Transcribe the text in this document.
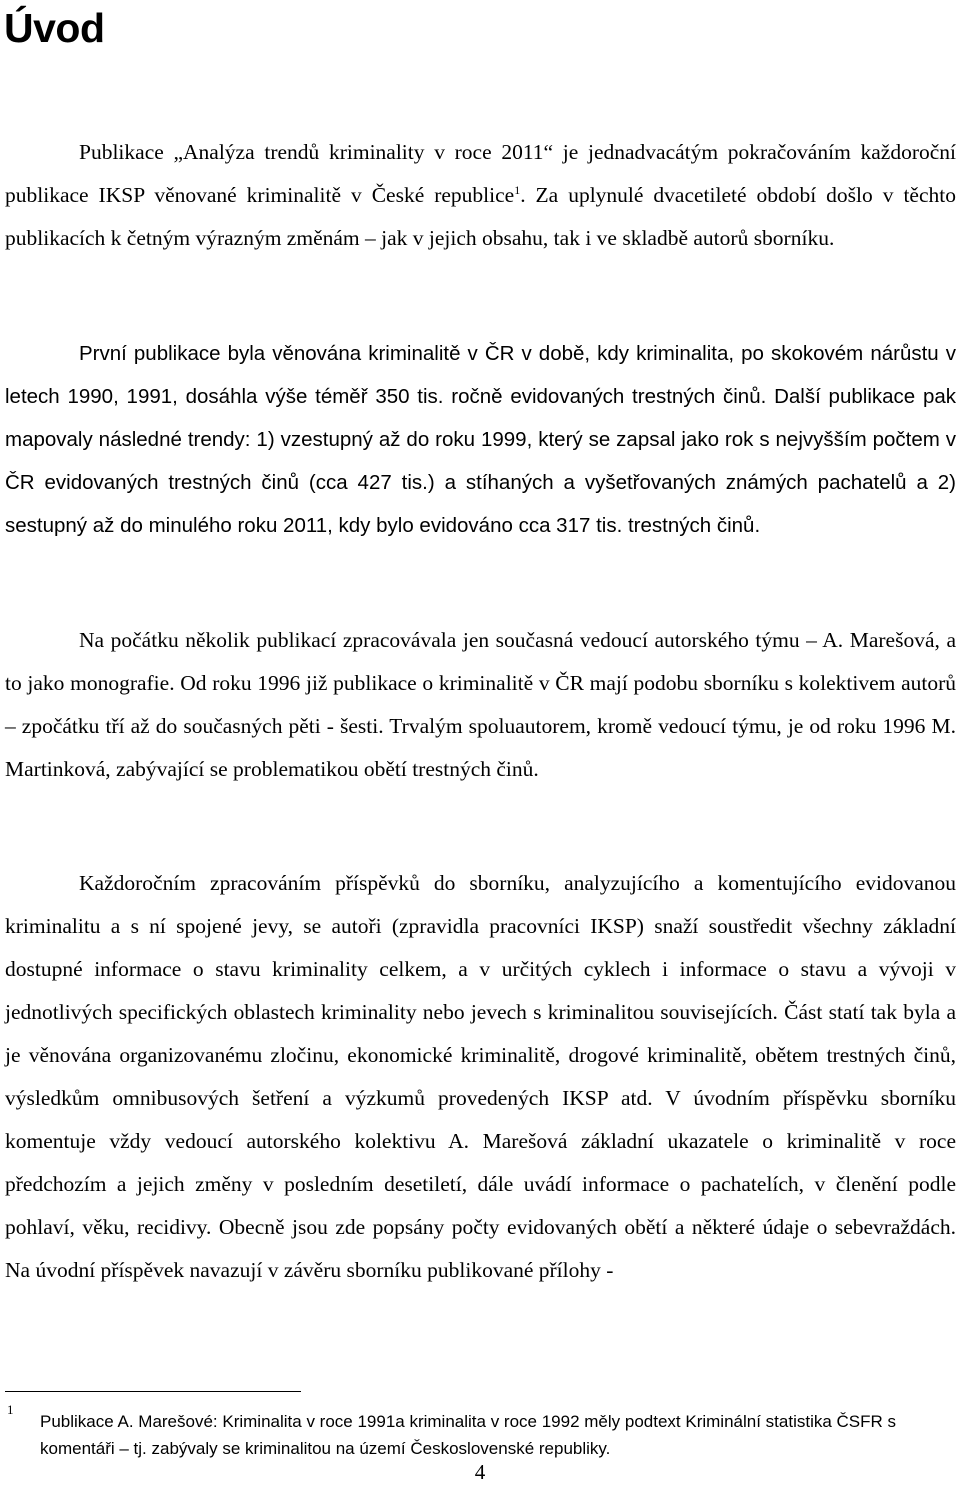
Úvod

Publikace „Analýza trendů kriminality v roce 2011“ je jednadvacátým pokračováním každoroční publikace IKSP věnované kriminalitě v České republice$^1$. Za uplynulé dvacetileté období došlo v těchto publikacích k četným výrazným změnám – jak v jejich obsahu, tak i ve skladbě autorů sborníku.

První publikace byla věnována kriminalitě v ČR v době, kdy kriminalita, po skokovém nárůstu v letech 1990, 1991, dosáhla výše téměř 350 tis. ročně evidovaných trestných činů. Další publikace pak mapovaly následné trendy: 1) vzestupný až do roku 1999, který se zapsal jako rok s nejvyšším počtem v ČR evidovaných trestných činů (cca 427 tis.) a stíhaných a vyšetřovaných známých pachatelů a 2) sestupný až do minulého roku 2011, kdy bylo evidováno cca 317 tis. trestných činů.

Na počátku několik publikací zpracovávala jen současná vedoucí autorského týmu – A. Marešová, a to jako monografie. Od roku 1996 již publikace o kriminalitě v ČR mají podobu sborníku s kolektivem autorů – zpočátku tří až do současných pěti - šesti. Trvalým spoluautorem, kromě vedoucí týmu, je od roku 1996 M. Martinková, zabývající se problematikou obětí trestných činů.

Každoročním zpracováním příspěvků do sborníku, analyzujícího a komentujícího evidovanou kriminalitu a s ní spojené jevy, se autoři (zpravidla pracovníci IKSP) snaží soustředit všechny základní dostupné informace o stavu kriminality celkem, a v určitých cyklech i informace o stavu a vývoji v jednotlivých specifických oblastech kriminality nebo jevech s kriminalitou souvisejících. Část statí tak byla a je věnována organizovanému zločinu, ekonomické kriminalitě, drogové kriminalitě, obětem trestných činů, výsledkům omnibusových šetření a výzkumů provedených IKSP atd. V úvodním příspěvku sborníku komentuje vždy vedoucí autorského kolektivu A. Marešová základní ukazatele o kriminalitě v roce předchozím a jejich změny v posledním desetiletí, dále uvádí informace o pachatelích, v členění podle pohlaví, věku, recidivy. Obecně jsou zde popsány počty evidovaných obětí a některé údaje o sebevraždách. Na úvodní příspěvek navazují v závěru sborníku publikované přílohy -

1

Publikace A. Marešové: Kriminalita v roce 1991a kriminalita v roce 1992 měly podtext Kriminální statistika ČSFR s komentáři – tj. zabývaly se kriminalitou na území Československé republiky.

4
